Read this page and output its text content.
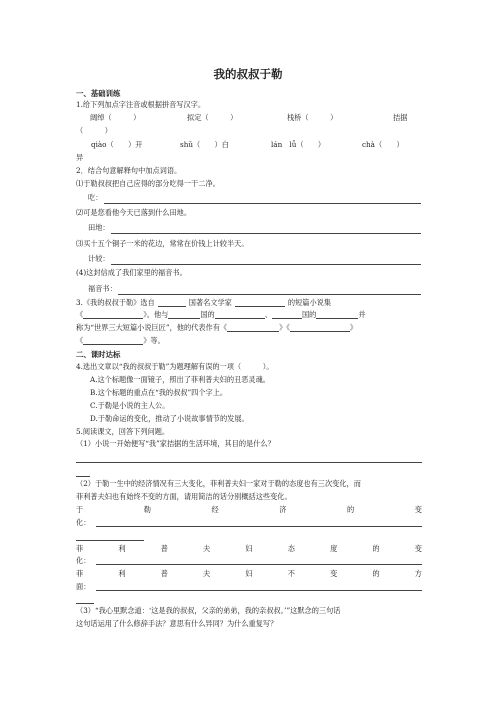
我的叔叔于勒
一、基础训练
1.给下列加点字注音或根据拼音写汉字。
阔绰（　　　）	拟定（　　　）	栈桥（　　　）	拮据
（　　　）
qiào（　　）开	shǔ（　　）白	lán　lǚ（　　）	chà（　　）
异
2．结合句意解释句中加点词语。
⑴于勒叔叔把自己应得的部分吃得一干二净。
吃：
⑵可是您看他今天已落到什么田地。
田地：
⑶买十五个铜子一米的花边，常常在价钱上计较半天。
计较：
(4)这封信成了我们家里的福音书。
福音书：
3.《我的叔叔于勒》选自	国著名文学家	的短篇小说集
《	》。他与	国的	、	国的	并
称为“世界三大短篇小说巨匠”，他的代表作有《	》《	》
《	》等。
二、课时达标
4.选出文章以“我的叔叔于勒”为题理解有误的一项（　　　）。
A.这个标题像一面镜子，照出了菲利普夫妇的丑恶灵魂。
B.这个标题的重点在“我的叔叔”四个字上。
C.于勒是小说的主人公。
D.于勒命运的变化，推动了小说故事情节的发展。
5.阅读课文，回答下列问题。
（1）小说一开始便写“我”家拮据的生活环境，其目的是什么？
（2）于勒一生中的经济情况有三大变化，菲利普夫妇一家对于勒的态度也有三次变化，而
菲利普夫妇也有始终不变的方面，请用简洁的话分别概括这些变化。
于	勒	经	济	的	变
化：
菲	利	普	夫	妇	态	度	的	变
化：
菲	利	普	夫	妇	不	变	的	方
面：
（3）“我心里默念道：‘这是我的叔叔，父亲的弟弟，我的亲叔叔。’”这默念的三句话
这句话运用了什么修辞手法？意思有什么异同？为什么重复写？
